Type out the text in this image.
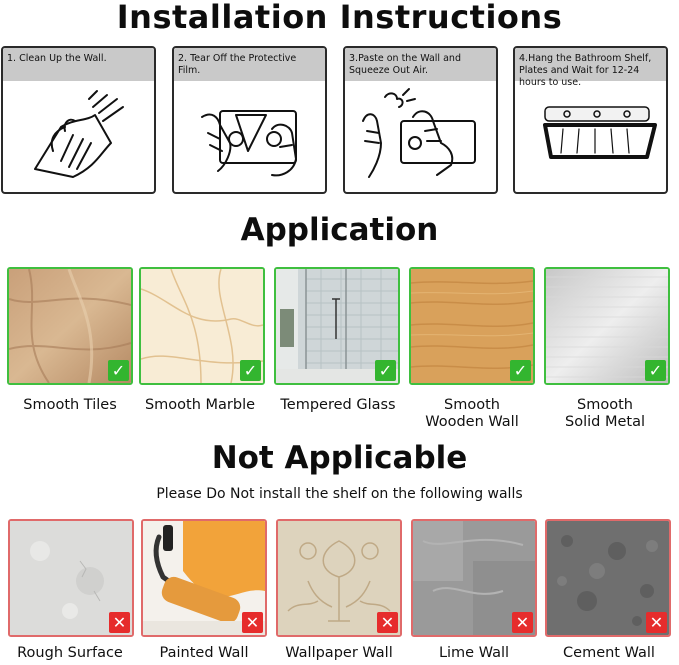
Installation Instructions
1. Clean Up the Wall.	2. Tear Off the Protective Film.
3.Paste on the Wall and Squeeze Out Air.
4.Hang the Bathroom Shelf, Plates and Wait for 12-24 hours to use.
Application
✓	✓	✓	✓	✓
Smooth Tiles	Smooth Marble	Tempered Glass	Smooth
Wooden Wall
Smooth
Solid Metal
Not Applicable
Please Do Not install the shelf on the following walls
✕	✕	✕	✕	✕
Rough Surface	Painted Wall	Wallpaper Wall	Lime Wall	Cement Wall
